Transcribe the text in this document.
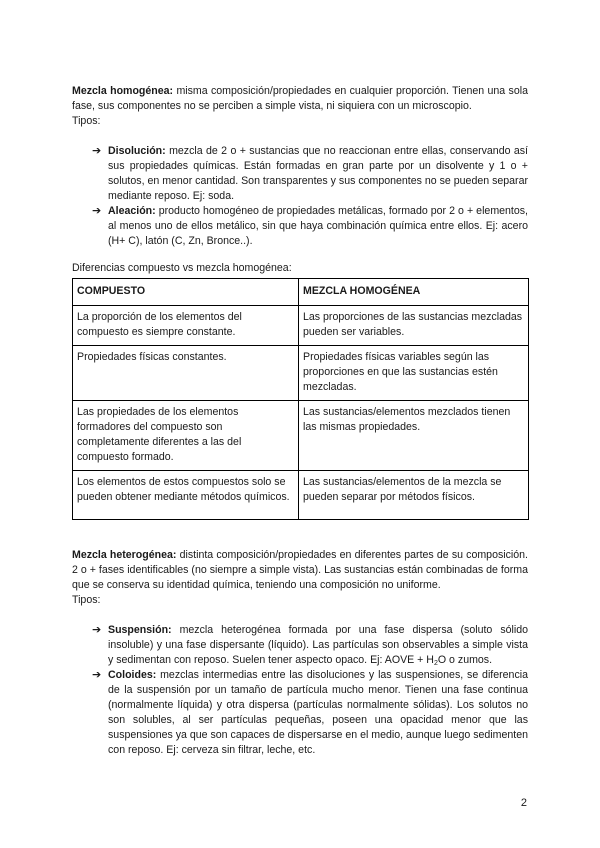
Mezcla homogénea: misma composición/propiedades en cualquier proporción. Tienen una sola fase, sus componentes no se perciben a simple vista, ni siquiera con un microscopio.

Tipos:

➔ Disolución: mezcla de 2 o + sustancias que no reaccionan entre ellas, conservando así sus propiedades químicas. Están formadas en gran parte por un disolvente y 1 o + solutos, en menor cantidad. Son transparentes y sus componentes no se pueden separar mediante reposo. Ej: soda.
➔ Aleación: producto homogéneo de propiedades metálicas, formado por 2 o + elementos, al menos uno de ellos metálico, sin que haya combinación química entre ellos. Ej: acero (H+ C), latón (C, Zn, Bronce..).

Diferencias compuesto vs mezcla homogénea:

COMPUESTO	MEZCLA HOMOGÉNEA
La proporción de los elementos del compuesto es siempre constante.	Las proporciones de las sustancias mezcladas pueden ser variables.
Propiedades físicas constantes.	Propiedades físicas variables según las proporciones en que las sustancias estén mezcladas.
Las propiedades de los elementos formadores del compuesto son completamente diferentes a las del compuesto formado.	Las sustancias/elementos mezclados tienen las mismas propiedades.
Los elementos de estos compuestos solo se pueden obtener mediante métodos químicos.	Las sustancias/elementos de la mezcla se pueden separar por métodos físicos.

Mezcla heterogénea: distinta composición/propiedades en diferentes partes de su composición. 2 o + fases identificables (no siempre a simple vista). Las sustancias están combinadas de forma que se conserva su identidad química, teniendo una composición no uniforme.

Tipos:

➔ Suspensión: mezcla heterogénea formada por una fase dispersa (soluto sólido insoluble) y una fase dispersante (líquido). Las partículas son observables a simple vista y sedimentan con reposo. Suelen tener aspecto opaco. Ej: AOVE + $H_2O$ o zumos.
➔ Coloides: mezclas intermedias entre las disoluciones y las suspensiones, se diferencia de la suspensión por un tamaño de partícula mucho menor. Tienen una fase continua (normalmente líquida) y otra dispersa (partículas normalmente sólidas). Los solutos no son solubles, al ser partículas pequeñas, poseen una opacidad menor que las suspensiones ya que son capaces de dispersarse en el medio, aunque luego sedimenten con reposo. Ej: cerveza sin filtrar, leche, etc.
2
